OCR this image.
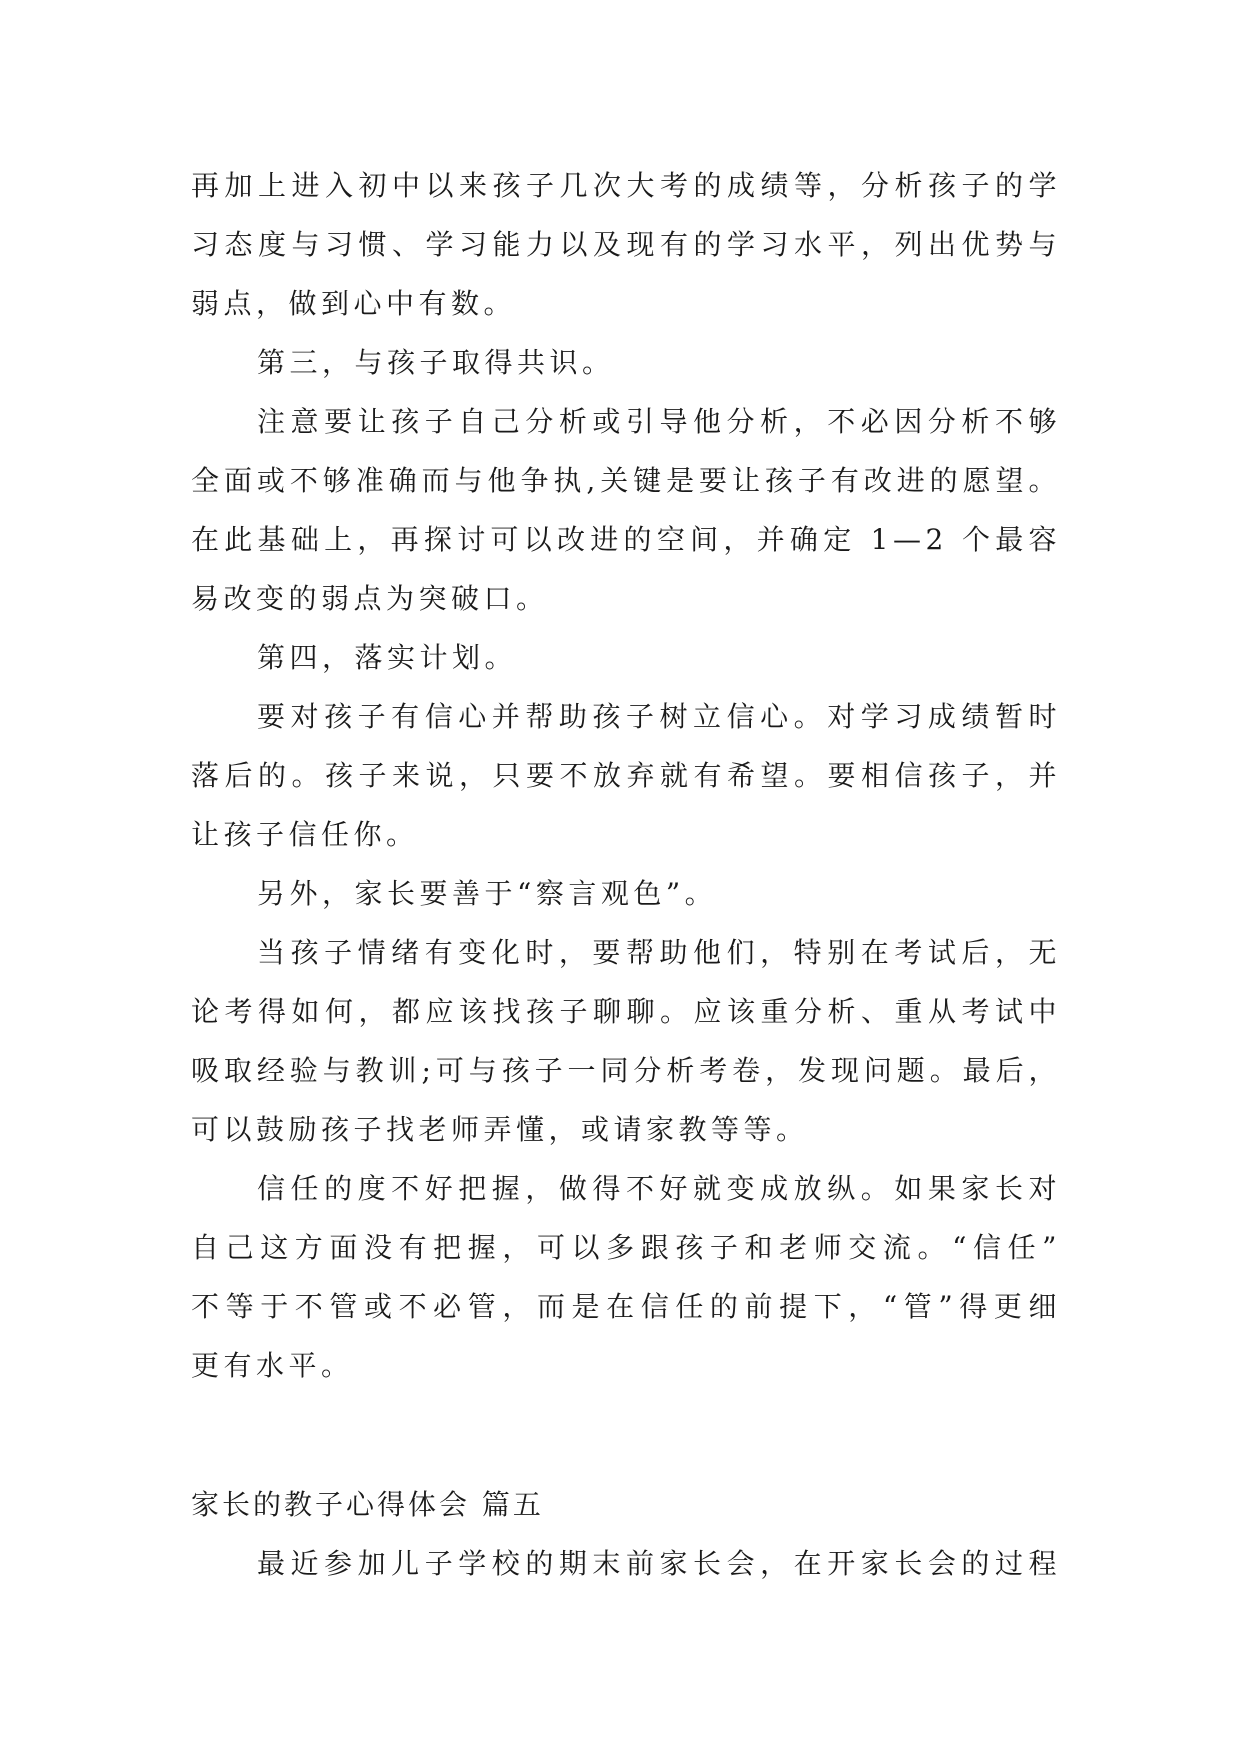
再加上进入初中以来孩子几次大考的成绩等，分析孩子的学
习态度与习惯、学习能力以及现有的学习水平，列出优势与
弱点，做到心中有数。
第三，与孩子取得共识。
注意要让孩子自己分析或引导他分析，不必因分析不够
全面或不够准确而与他争执,关键是要让孩子有改进的愿望。
在此基础上，再探讨可以改进的空间，并确定 1—2 个最容
易改变的弱点为突破口。
第四，落实计划。
要对孩子有信心并帮助孩子树立信心。对学习成绩暂时
落后的。孩子来说，只要不放弃就有希望。要相信孩子，并
让孩子信任你。
另外，家长要善于“察言观色”。
当孩子情绪有变化时，要帮助他们，特别在考试后，无
论考得如何，都应该找孩子聊聊。应该重分析、重从考试中
吸取经验与教训;可与孩子一同分析考卷，发现问题。最后，
可以鼓励孩子找老师弄懂，或请家教等等。
信任的度不好把握，做得不好就变成放纵。如果家长对
自己这方面没有把握，可以多跟孩子和老师交流。“信任”
不等于不管或不必管，而是在信任的前提下，“管”得更细
更有水平。
家长的教子心得体会 篇五
最近参加儿子学校的期末前家长会，在开家长会的过程
